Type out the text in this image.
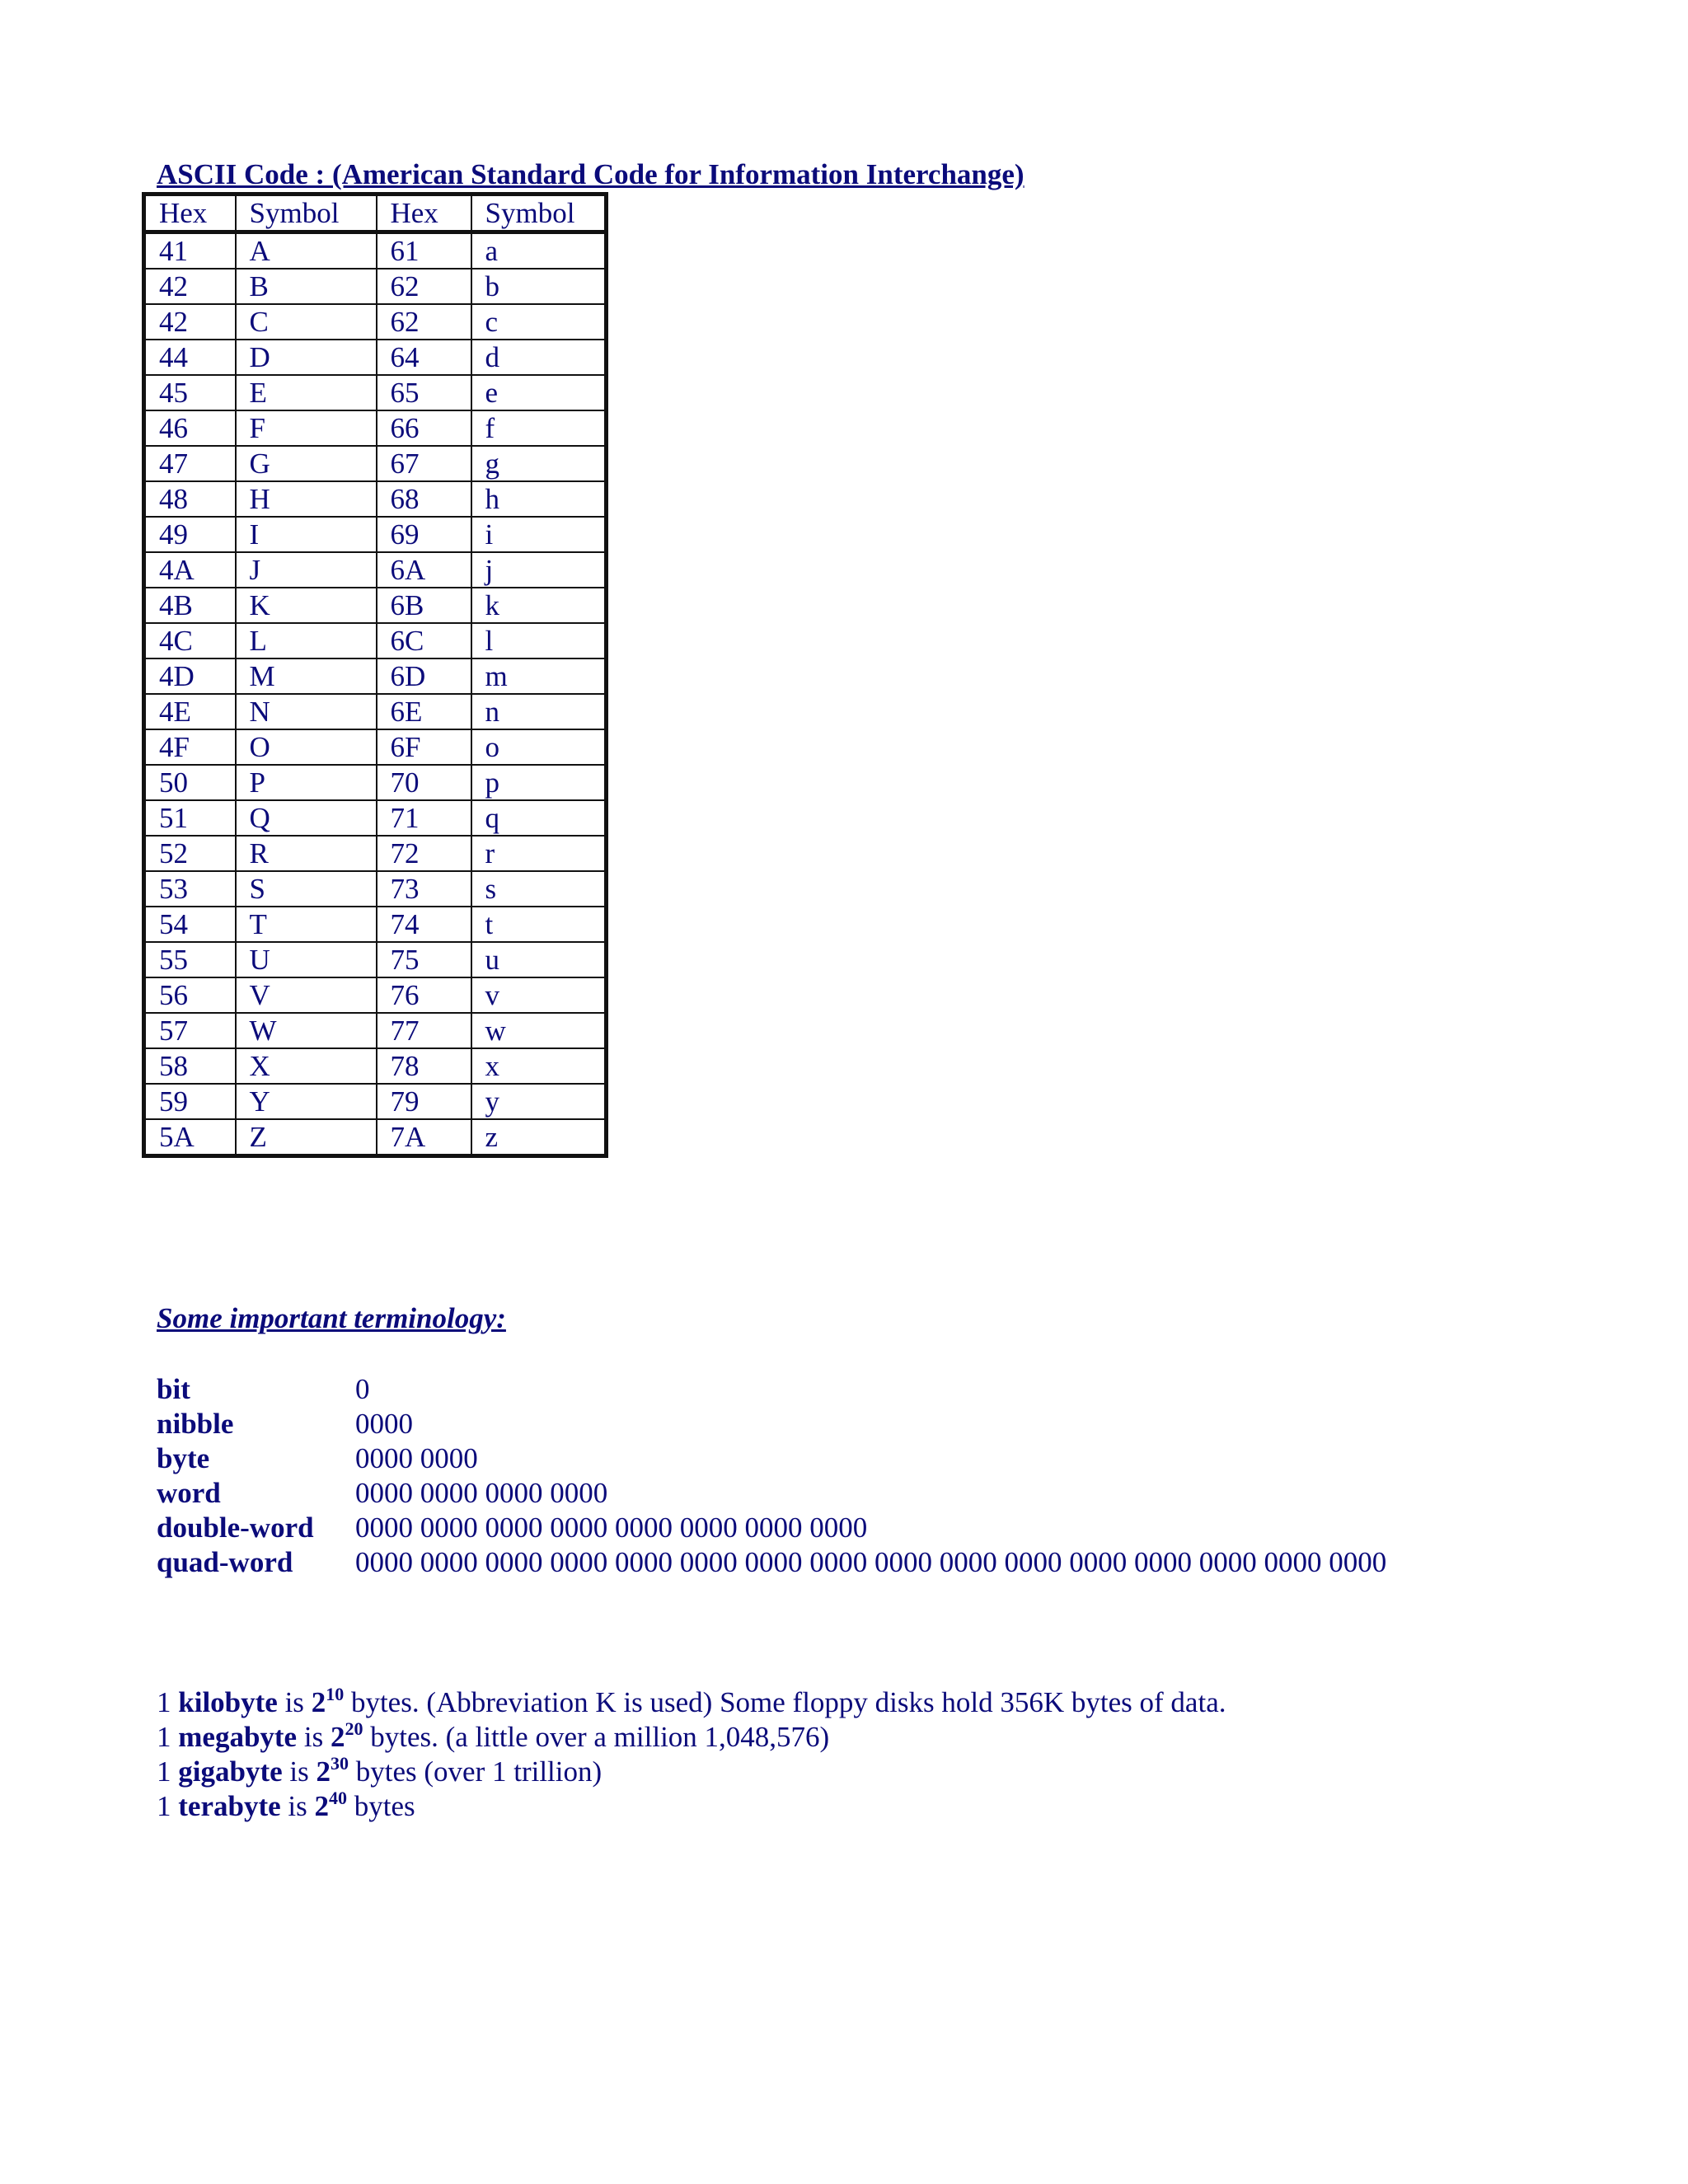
ASCII Code : (American Standard Code for Information Interchange)
Hex	Symbol	Hex	Symbol
41	A	61	a
42	B	62	b
42	C	62	c
44	D	64	d
45	E	65	e
46	F	66	f
47	G	67	g
48	H	68	h
49	I	69	i
4A	J	6A	j
4B	K	6B	k
4C	L	6C	l
4D	M	6D	m
4E	N	6E	n
4F	O	6F	o
50	P	70	p
51	Q	71	q
52	R	72	r
53	S	73	s
54	T	74	t
55	U	75	u
56	V	76	v
57	W	77	w
58	X	78	x
59	Y	79	y
5A	Z	7A	z
Some important terminology:
bit	0
nibble	0000
byte	0000 0000
word	0000 0000 0000 0000
double-word	0000 0000 0000 0000 0000 0000 0000 0000
quad-word	0000 0000 0000 0000 0000 0000 0000 0000 0000 0000 0000 0000 0000 0000 0000 0000
1 kilobyte is $2^{10}$ bytes. (Abbreviation K is used) Some floppy disks hold 356K bytes of data.
1 megabyte is $2^{20}$ bytes. (a little over a million 1,048,576)
1 gigabyte is $2^{30}$ bytes (over 1 trillion)
1 terabyte is $2^{40}$ bytes
